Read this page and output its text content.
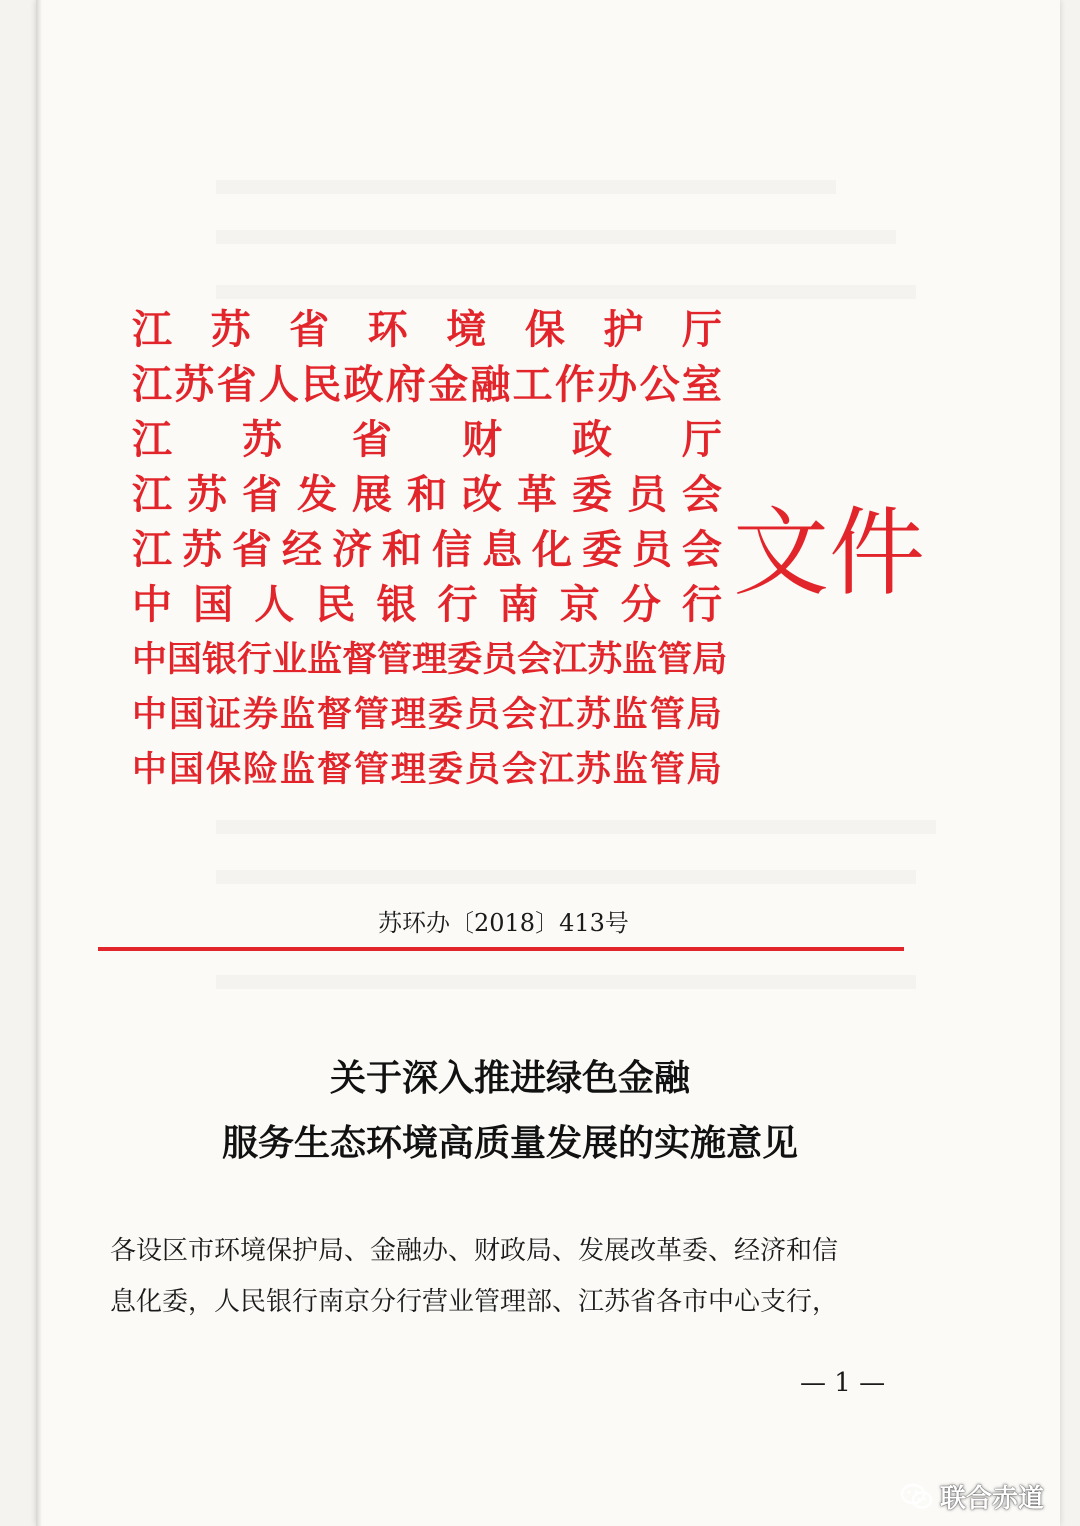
江 苏 省 环 境 保 护 厅
江 苏 省 人 民 政 府 金 融 工 作 办 公 室
江 苏 省 财 政 厅
江 苏 省 发 展 和 改 革 委 员 会
江 苏 省 经 济 和 信 息 化 委 员 会
中 国 人 民 银 行 南 京 分 行
中 国 银 行 业 监 督 管 理 委 员 会 江 苏 监 管 局
中 国 证 券 监 督 管 理 委 员 会 江 苏 监 管 局
中 国 保 险 监 督 管 理 委 员 会 江 苏 监 管 局
文件
苏环办〔2018〕413号
关于深入推进绿色金融
服务生态环境高质量发展的实施意见
各设区市环境保护局、金融办、财政局、发展改革委、经济和信
息化委，人民银行南京分行营业管理部、江苏省各市中心支行，
— 1 —
联合赤道
